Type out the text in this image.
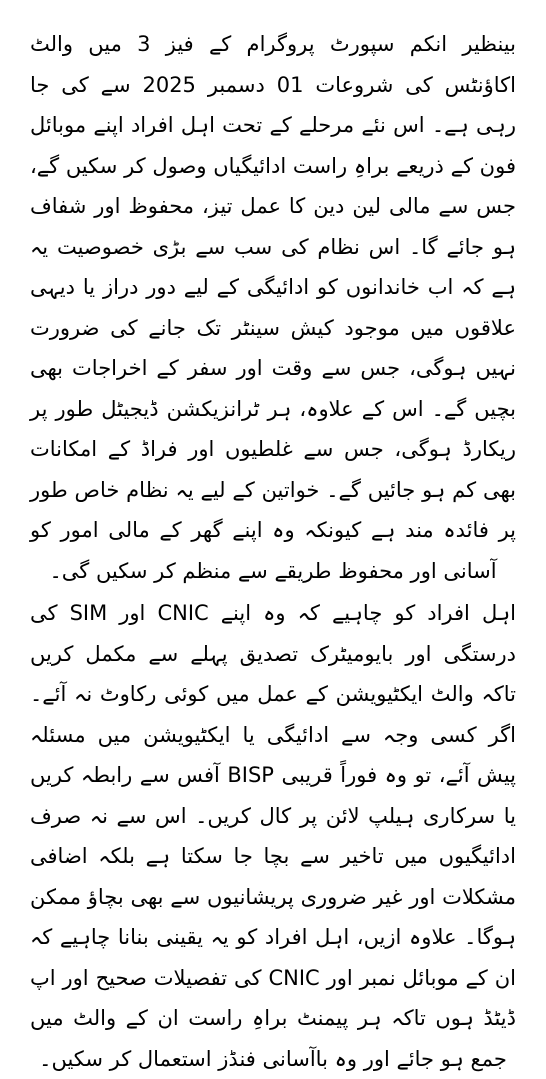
بینظیر انکم سپورٹ پروگرام کے فیز 3 میں والٹ اکاؤنٹس کی شروعات 01 دسمبر 2025 سے کی جا رہی ہے۔ اس نئے مرحلے کے تحت اہل افراد اپنے موبائل فون کے ذریعے براہِ راست ادائیگیاں وصول کر سکیں گے، جس سے مالی لین دین کا عمل تیز، محفوظ اور شفاف ہو جائے گا۔ اس نظام کی سب سے بڑی خصوصیت یہ ہے کہ اب خاندانوں کو ادائیگی کے لیے دور دراز یا دیہی علاقوں میں موجود کیش سینٹر تک جانے کی ضرورت نہیں ہوگی، جس سے وقت اور سفر کے اخراجات بھی بچیں گے۔ اس کے علاوہ، ہر ٹرانزیکشن ڈیجیٹل طور پر ریکارڈ ہوگی، جس سے غلطیوں اور فراڈ کے امکانات بھی کم ہو جائیں گے۔ خواتین کے لیے یہ نظام خاص طور پر فائدہ مند ہے کیونکہ وہ اپنے گھر کے مالی امور کو آسانی اور محفوظ طریقے سے منظم کر سکیں گی۔

اہل افراد کو چاہیے کہ وہ اپنے CNIC اور SIM کی درستگی اور بایومیٹرک تصدیق پہلے سے مکمل کریں تاکہ والٹ ایکٹیویشن کے عمل میں کوئی رکاوٹ نہ آئے۔ اگر کسی وجہ سے ادائیگی یا ایکٹیویشن میں مسئلہ پیش آئے، تو وہ فوراً قریبی BISP آفس سے رابطہ کریں یا سرکاری ہیلپ لائن پر کال کریں۔ اس سے نہ صرف ادائیگیوں میں تاخیر سے بچا جا سکتا ہے بلکہ اضافی مشکلات اور غیر ضروری پریشانیوں سے بھی بچاؤ ممکن ہوگا۔ علاوہ ازیں، اہل افراد کو یہ یقینی بنانا چاہیے کہ ان کے موبائل نمبر اور CNIC کی تفصیلات صحیح اور اپ ڈیٹڈ ہوں تاکہ ہر پیمنٹ براہِ راست ان کے والٹ میں جمع ہو جائے اور وہ باآسانی فنڈز استعمال کر سکیں۔
